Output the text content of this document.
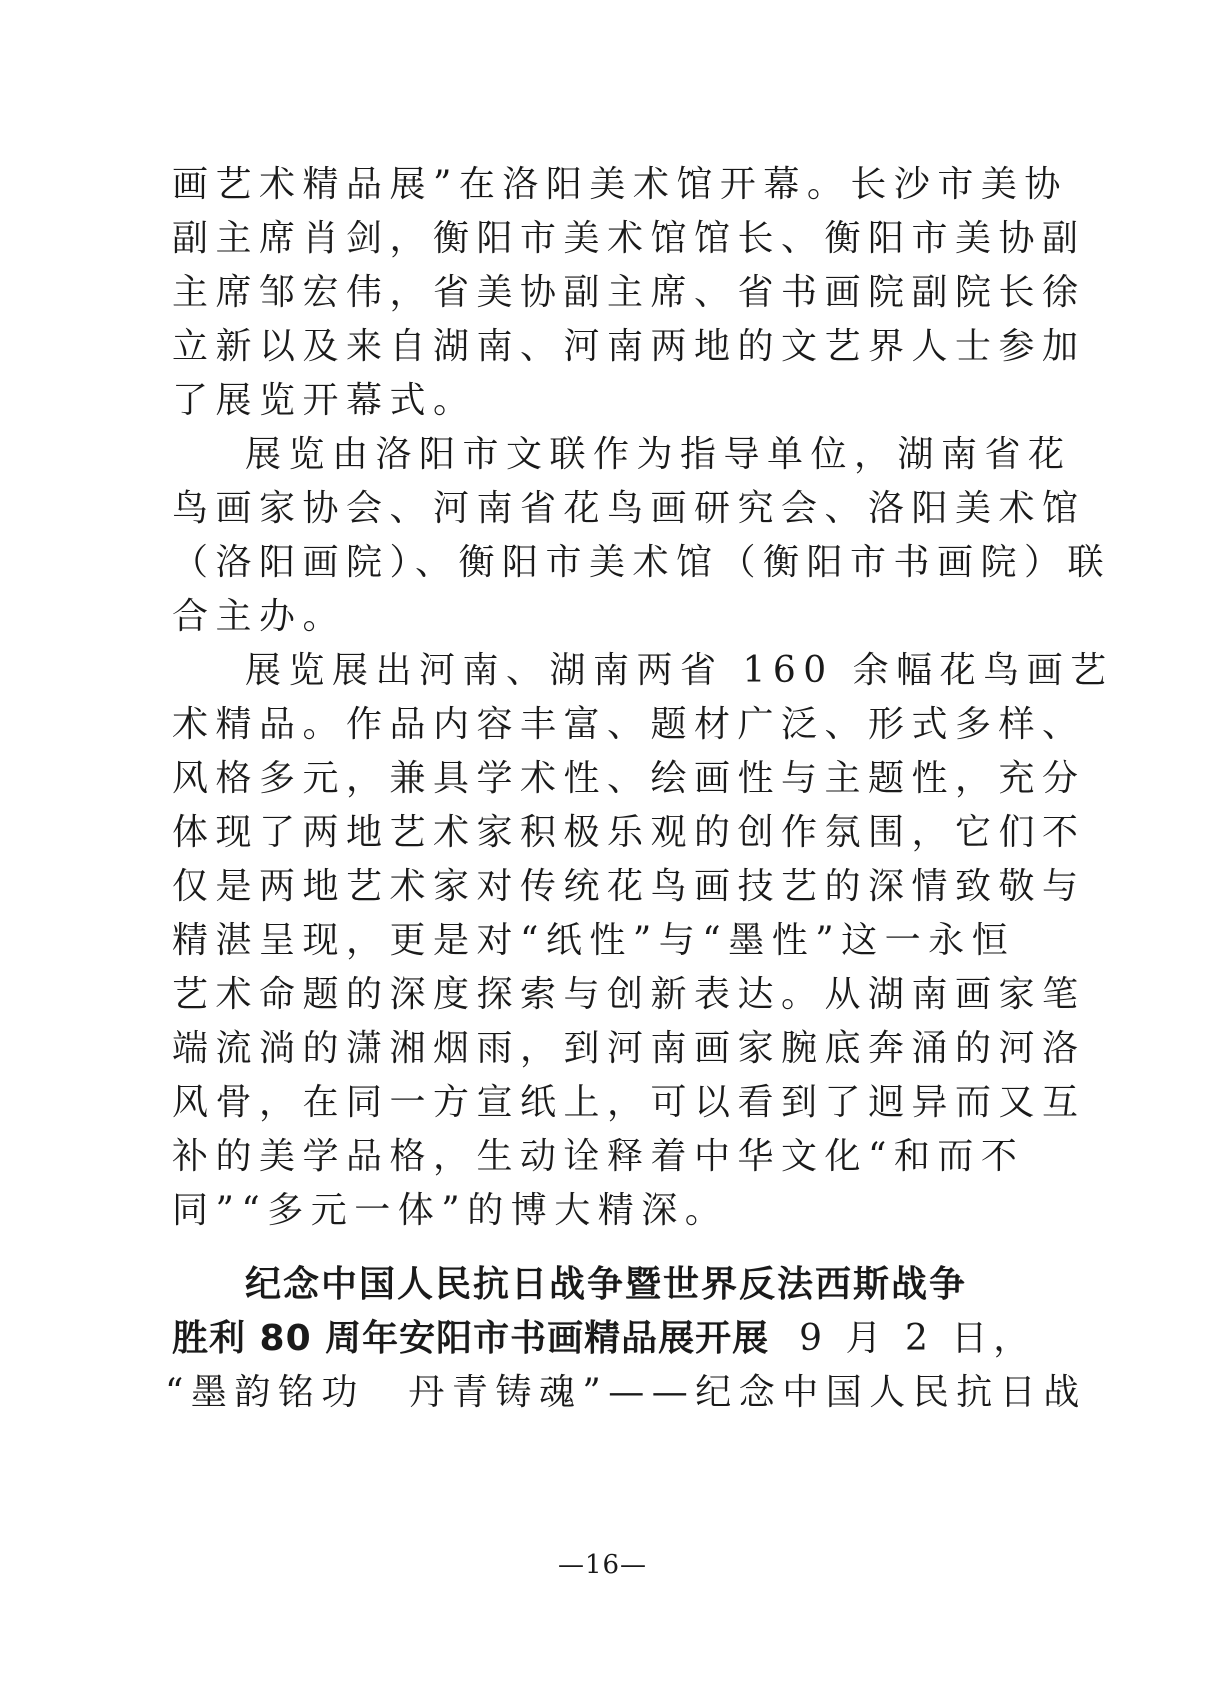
画艺术精品展”在洛阳美术馆开幕。长沙市美协
副主席肖剑，衡阳市美术馆馆长、衡阳市美协副
主席邹宏伟，省美协副主席、省书画院副院长徐
立新以及来自湖南、河南两地的文艺界人士参加
了展览开幕式。
展览由洛阳市文联作为指导单位，湖南省花
鸟画家协会、河南省花鸟画研究会、洛阳美术馆
（洛阳画院）、衡阳市美术馆（衡阳市书画院）联
合主办。
展览展出河南、湖南两省 160 余幅花鸟画艺
术精品。作品内容丰富、题材广泛、形式多样、
风格多元，兼具学术性、绘画性与主题性，充分
体现了两地艺术家积极乐观的创作氛围，它们不
仅是两地艺术家对传统花鸟画技艺的深情致敬与
精湛呈现，更是对“纸性”与“墨性”这一永恒
艺术命题的深度探索与创新表达。从湖南画家笔
端流淌的潇湘烟雨，到河南画家腕底奔涌的河洛
风骨，在同一方宣纸上，可以看到了迥异而又互
补的美学品格，生动诠释着中华文化“和而不
同”“多元一体”的博大精深。
纪念中国人民抗日战争暨世界反法西斯战争
胜利 80 周年安阳市书画精品展开展 9 月 2 日，
“墨韵铭功　丹青铸魂”——纪念中国人民抗日战
—16—
